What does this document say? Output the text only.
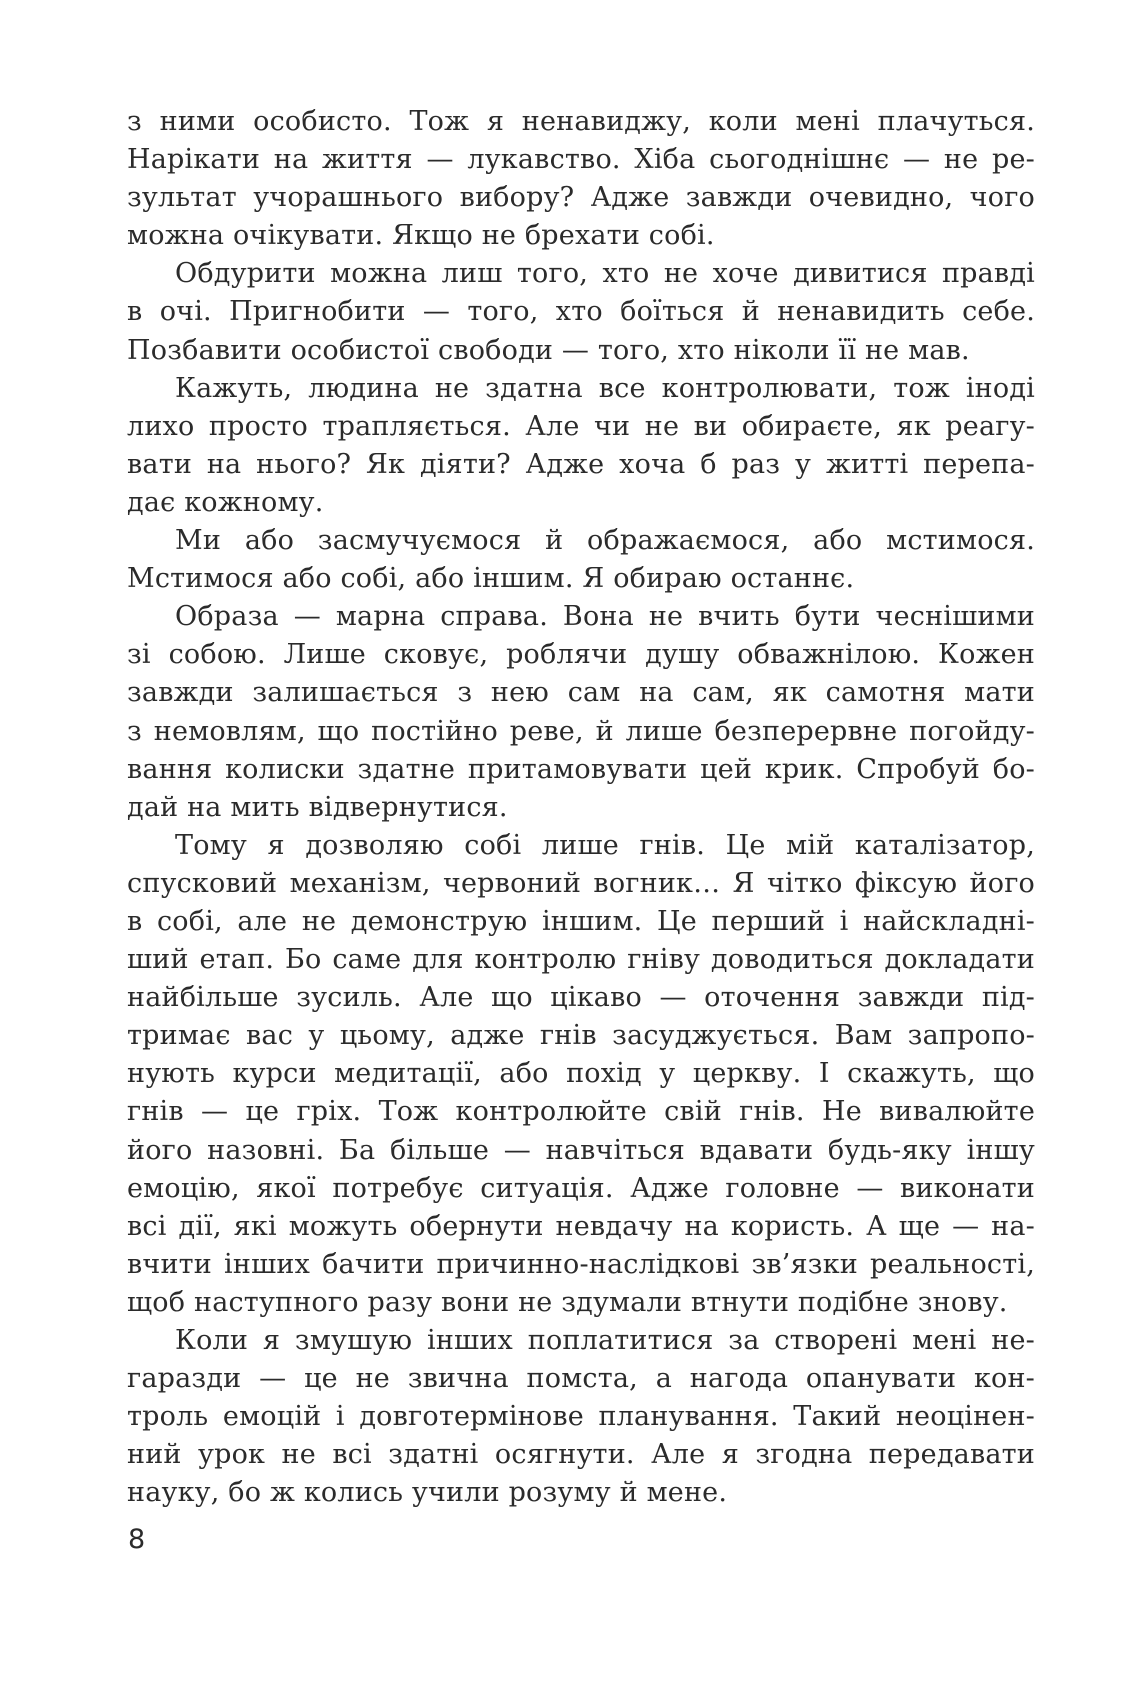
з ними особисто. Тож я ненавиджу, коли мені плачуться.
Нарікати на життя — лукавство. Хіба сьогоднішнє — не ре-
зультат учорашнього вибору? Адже завжди очевидно, чого
можна очікувати. Якщо не брехати собі.
Обдурити можна лиш того, хто не хоче дивитися правді
в очі. Пригнобити — того, хто боїться й ненавидить себе.
Позбавити особистої свободи — того, хто ніколи її не мав.
Кажуть, людина не здатна все контролювати, тож іноді
лихо просто трапляється. Але чи не ви обираєте, як реагу-
вати на нього? Як діяти? Адже хоча б раз у житті перепа-
дає кожному.
Ми або засмучуємося й ображаємося, або мстимося.
Мстимося або собі, або іншим. Я обираю останнє.
Образа — марна справа. Вона не вчить бути чеснішими
зі собою. Лише сковує, роблячи душу обважнілою. Кожен
завжди залишається з нею сам на сам, як самотня мати
з немовлям, що постійно реве, й лише безперервне погойду-
вання колиски здатне притамовувати цей крик. Спробуй бо-
дай на мить відвернутися.
Тому я дозволяю собі лише гнів. Це мій каталізатор,
спусковий механізм, червоний вогник… Я чітко фіксую його
в собі, але не демонструю іншим. Це перший і найскладні-
ший етап. Бо саме для контролю гніву доводиться докладати
найбільше зусиль. Але що цікаво — оточення завжди під-
тримає вас у цьому, адже гнів засуджується. Вам запропо-
нують курси медитації, або похід у церкву. І скажуть, що
гнів — це гріх. Тож контролюйте свій гнів. Не вивалюйте
його назовні. Ба більше — навчіться вдавати будь-яку іншу
емоцію, якої потребує ситуація. Адже головне — виконати
всі дії, які можуть обернути невдачу на користь. А ще — на-
вчити інших бачити причинно-наслідкові зв’язки реальності,
щоб наступного разу вони не здумали втнути подібне знову.
Коли я змушую інших поплатитися за створені мені не-
гаразди — це не звична помста, а нагода опанувати кон-
троль емоцій і довготермінове планування. Такий неоцінен-
ний урок не всі здатні осягнути. Але я згодна передавати
науку, бо ж колись учили розуму й мене.
8
